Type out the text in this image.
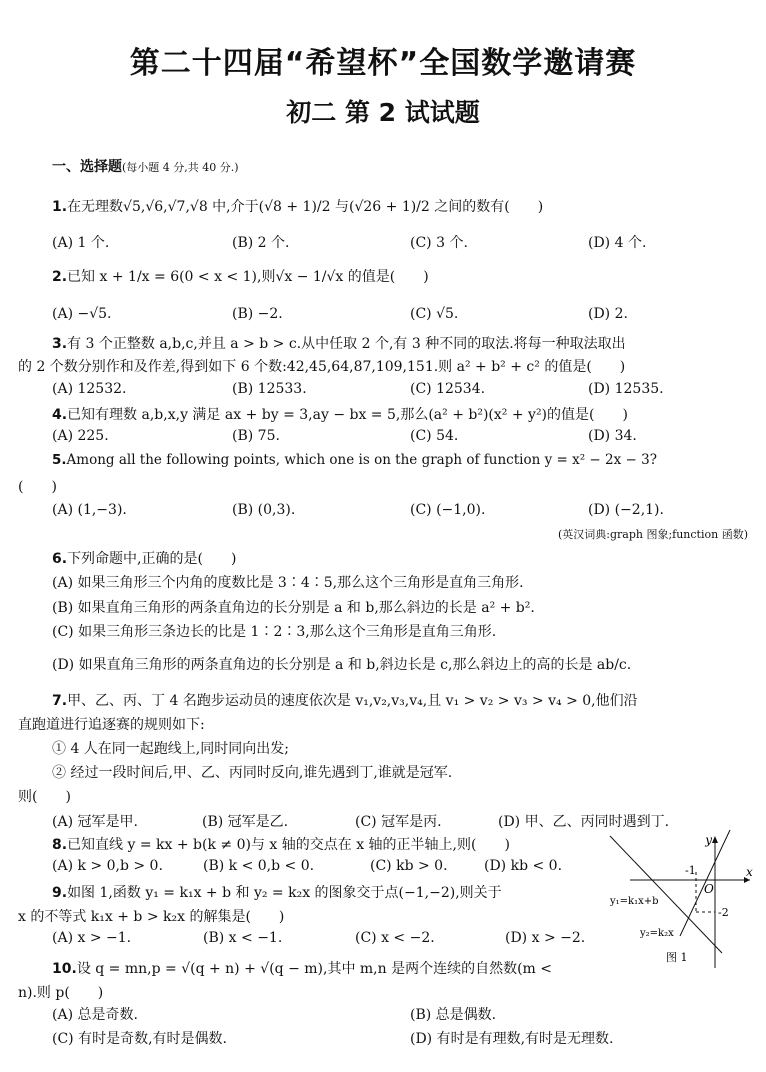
第二十四届“希望杯”全国数学邀请赛
初二 第 2 试试题
一、选择题(每小题 4 分,共 40 分.)
1.在无理数√5,√6,√7,√8 中,介于(√8 + 1)/2 与(√26 + 1)/2 之间的数有(　　)
(A) 1 个.	(B) 2 个.	(C) 3 个.	(D) 4 个.
2.已知 x + 1/x = 6(0 < x < 1),则√x − 1/√x 的值是(　　)
(A) −√5.	(B) −2.	(C) √5.	(D) 2.
3.有 3 个正整数 a,b,c,并且 a > b > c.从中任取 2 个,有 3 种不同的取法.将每一种取法取出
的 2 个数分别作和及作差,得到如下 6 个数:42,45,64,87,109,151.则 a² + b² + c² 的值是(　　)
(A) 12532.	(B) 12533.	(C) 12534.	(D) 12535.
4.已知有理数 a,b,x,y 满足 ax + by = 3,ay − bx = 5,那么(a² + b²)(x² + y²)的值是(　　)
(A) 225.	(B) 75.	(C) 54.	(D) 34.
5.Among all the following points, which one is on the graph of function y = x² − 2x − 3?
(　　)
(A) (1,−3).	(B) (0,3).	(C) (−1,0).	(D) (−2,1).
(英汉词典:graph 图象;function 函数)
6.下列命题中,正确的是(　　)
(A) 如果三角形三个内角的度数比是 3∶4∶5,那么这个三角形是直角三角形.
(B) 如果直角三角形的两条直角边的长分别是 a 和 b,那么斜边的长是 a² + b².
(C) 如果三角形三条边长的比是 1∶2∶3,那么这个三角形是直角三角形.
(D) 如果直角三角形的两条直角边的长分别是 a 和 b,斜边长是 c,那么斜边上的高的长是 ab/c.
7.甲、乙、丙、丁 4 名跑步运动员的速度依次是 v₁,v₂,v₃,v₄,且 v₁ > v₂ > v₃ > v₄ > 0,他们沿
直跑道进行追逐赛的规则如下:
① 4 人在同一起跑线上,同时同向出发;
② 经过一段时间后,甲、乙、丙同时反向,谁先遇到丁,谁就是冠军.
则(　　)
(A) 冠军是甲.	(B) 冠军是乙.	(C) 冠军是丙.	(D) 甲、乙、丙同时遇到丁.
8.已知直线 y = kx + b(k ≠ 0)与 x 轴的交点在 x 轴的正半轴上,则(　　)
(A) k > 0,b > 0.	(B) k < 0,b < 0.	(C) kb > 0.	(D) kb < 0.
9.如图 1,函数 y₁ = k₁x + b 和 y₂ = k₂x 的图象交于点(−1,−2),则关于
x 的不等式 k₁x + b > k₂x 的解集是(　　)
(A) x > −1.	(B) x < −1.	(C) x < −2.	(D) x > −2.
10.设 q = mn,p = √(q + n) + √(q − m),其中 m,n 是两个连续的自然数(m <
n).则 p(　　)
(A) 总是奇数.	(B) 总是偶数.
(C) 有时是奇数,有时是偶数.	(D) 有时是有理数,有时是无理数.
y
x
O
-1
-2
y₁=k₁x+b
y₂=k₂x
图 1
